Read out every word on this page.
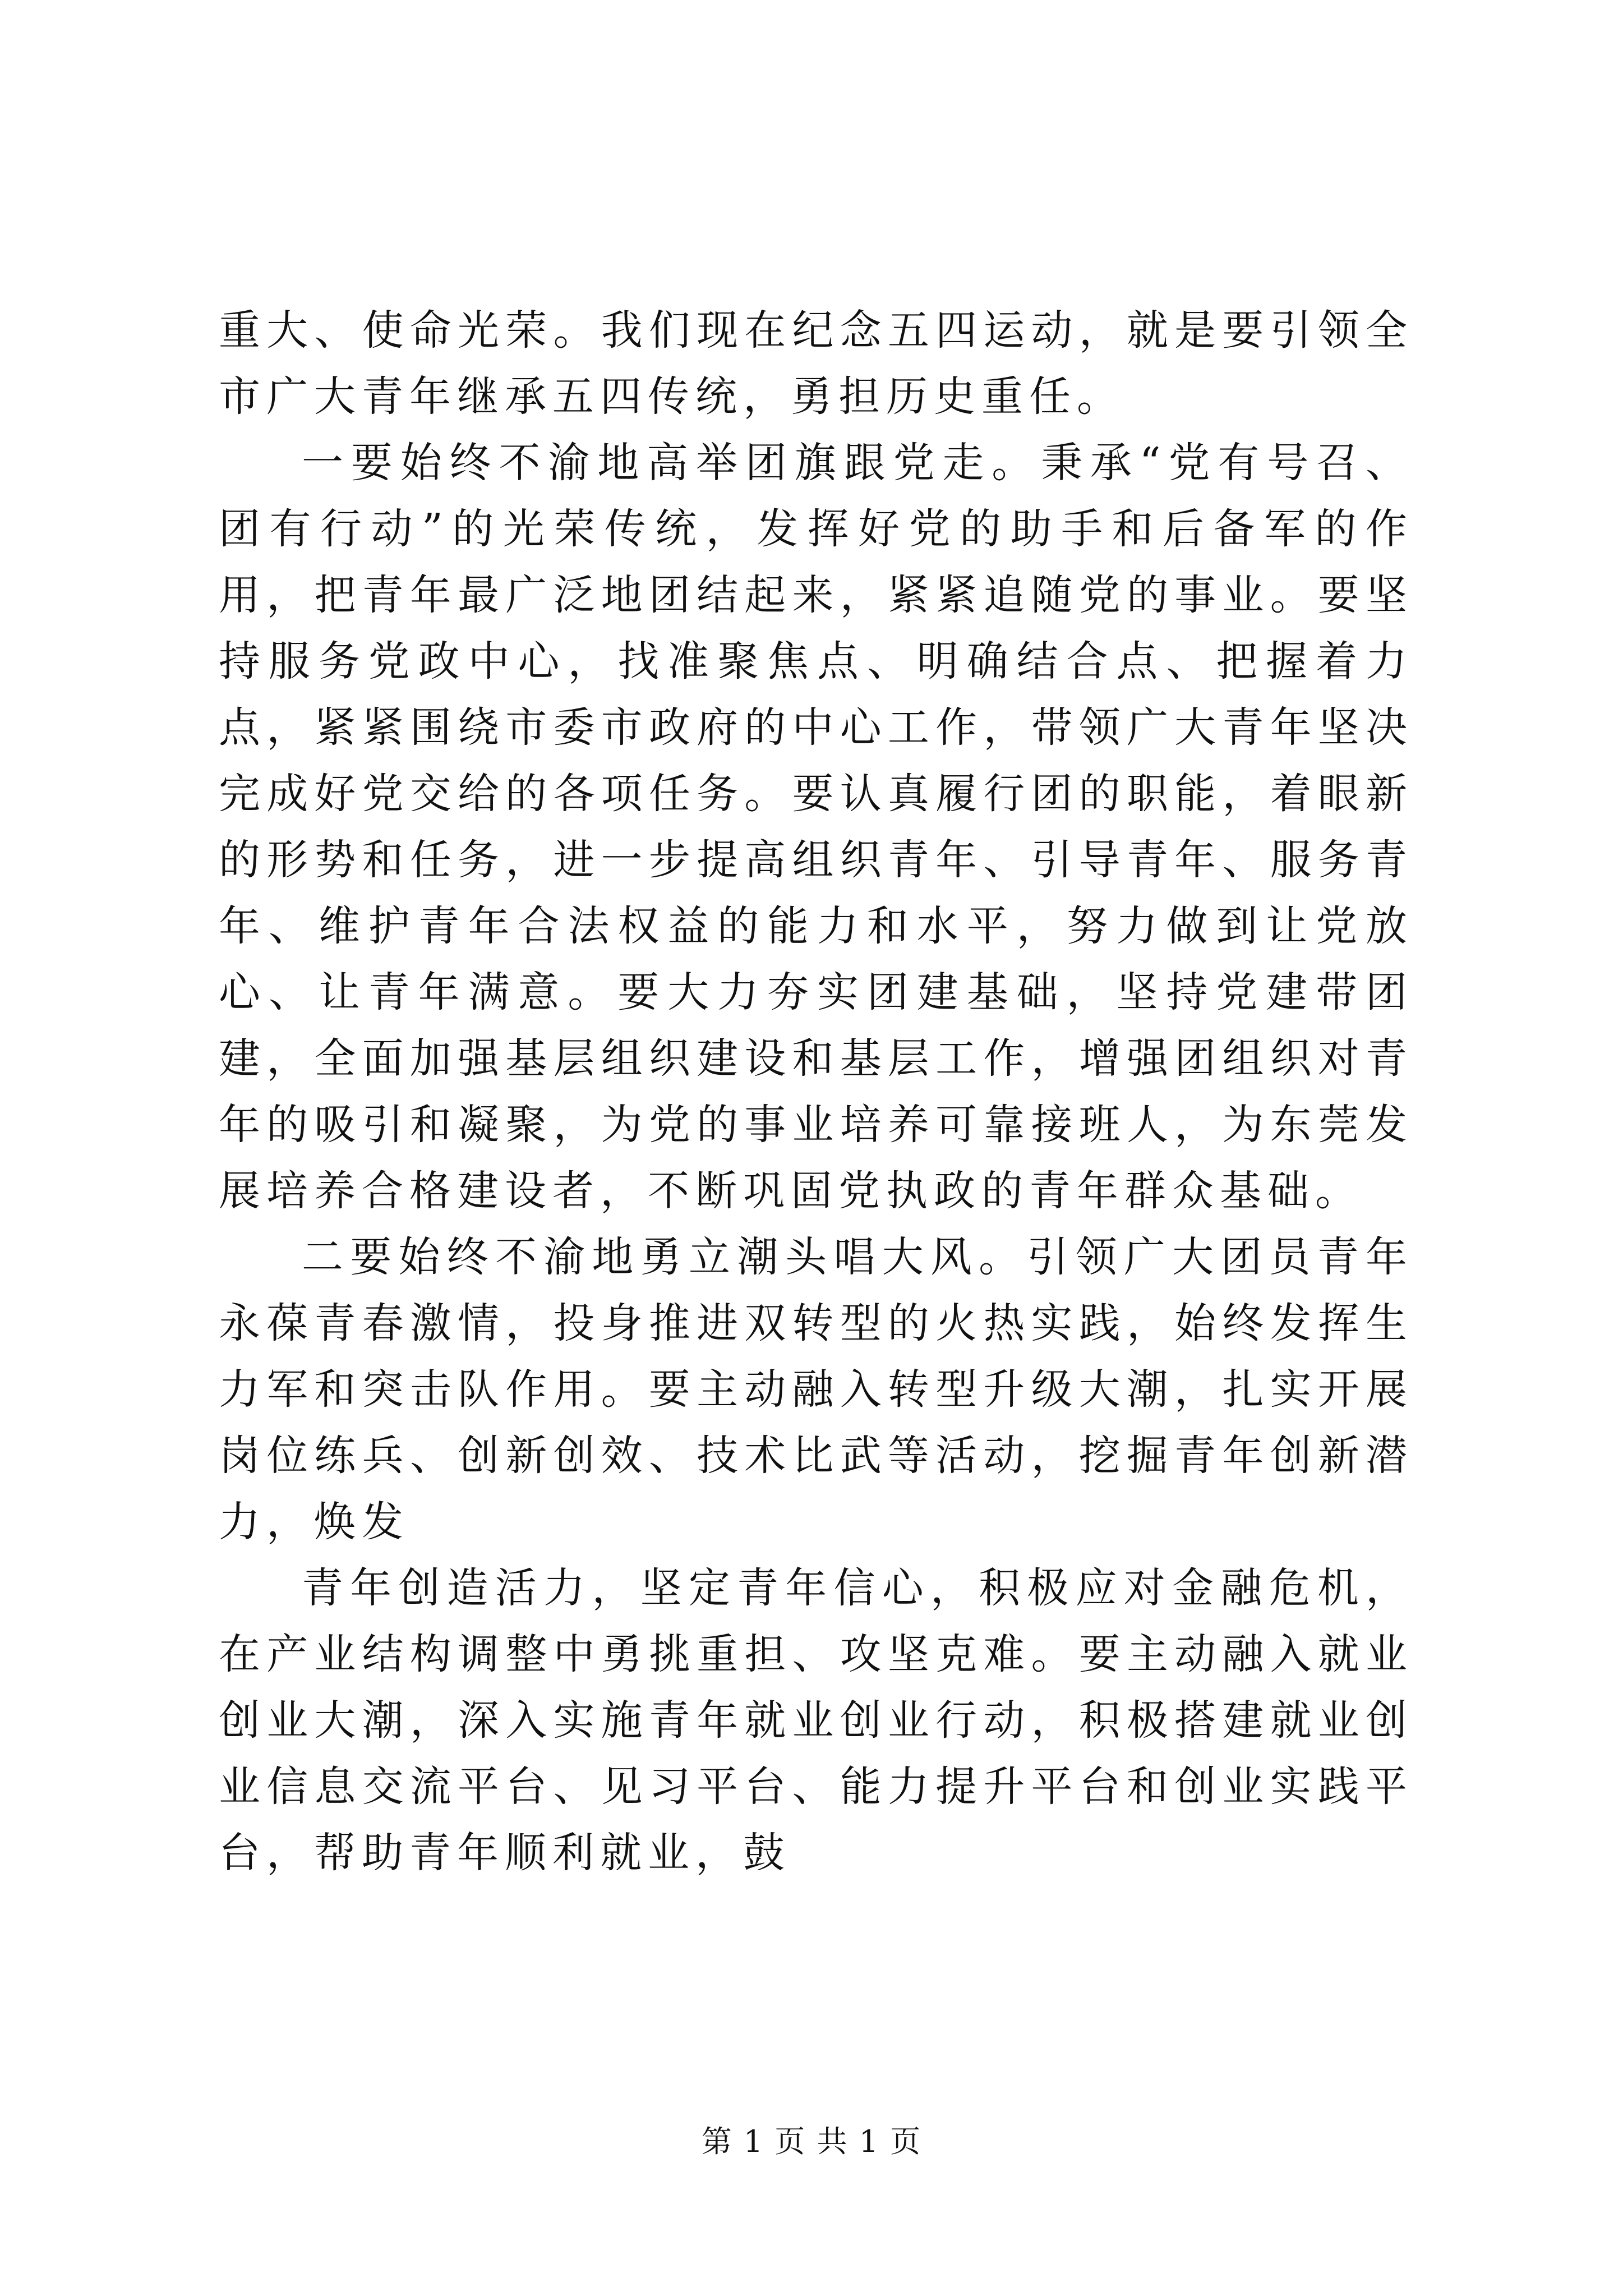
重大、使命光荣。我们现在纪念五四运动，就是要引领全市广大青年继承五四传统，勇担历史重任。

一要始终不渝地高举团旗跟党走。秉承“党有号召、团有行动”的光荣传统，发挥好党的助手和后备军的作用，把青年最广泛地团结起来，紧紧追随党的事业。要坚持服务党政中心，找准聚焦点、明确结合点、把握着力点，紧紧围绕市委市政府的中心工作，带领广大青年坚决完成好党交给的各项任务。要认真履行团的职能，着眼新的形势和任务，进一步提高组织青年、引导青年、服务青年、维护青年合法权益的能力和水平，努力做到让党放心、让青年满意。要大力夯实团建基础，坚持党建带团建，全面加强基层组织建设和基层工作，增强团组织对青年的吸引和凝聚，为党的事业培养可靠接班人，为东莞发展培养合格建设者，不断巩固党执政的青年群众基础。

二要始终不渝地勇立潮头唱大风。引领广大团员青年永葆青春激情，投身推进双转型的火热实践，始终发挥生力军和突击队作用。要主动融入转型升级大潮，扎实开展岗位练兵、创新创效、技术比武等活动，挖掘青年创新潜力，焕发

青年创造活力，坚定青年信心，积极应对金融危机，在产业结构调整中勇挑重担、攻坚克难。要主动融入就业创业大潮，深入实施青年就业创业行动，积极搭建就业创业信息交流平台、见习平台、能力提升平台和创业实践平台，帮助青年顺利就业，鼓

第 1 页 共 1 页
